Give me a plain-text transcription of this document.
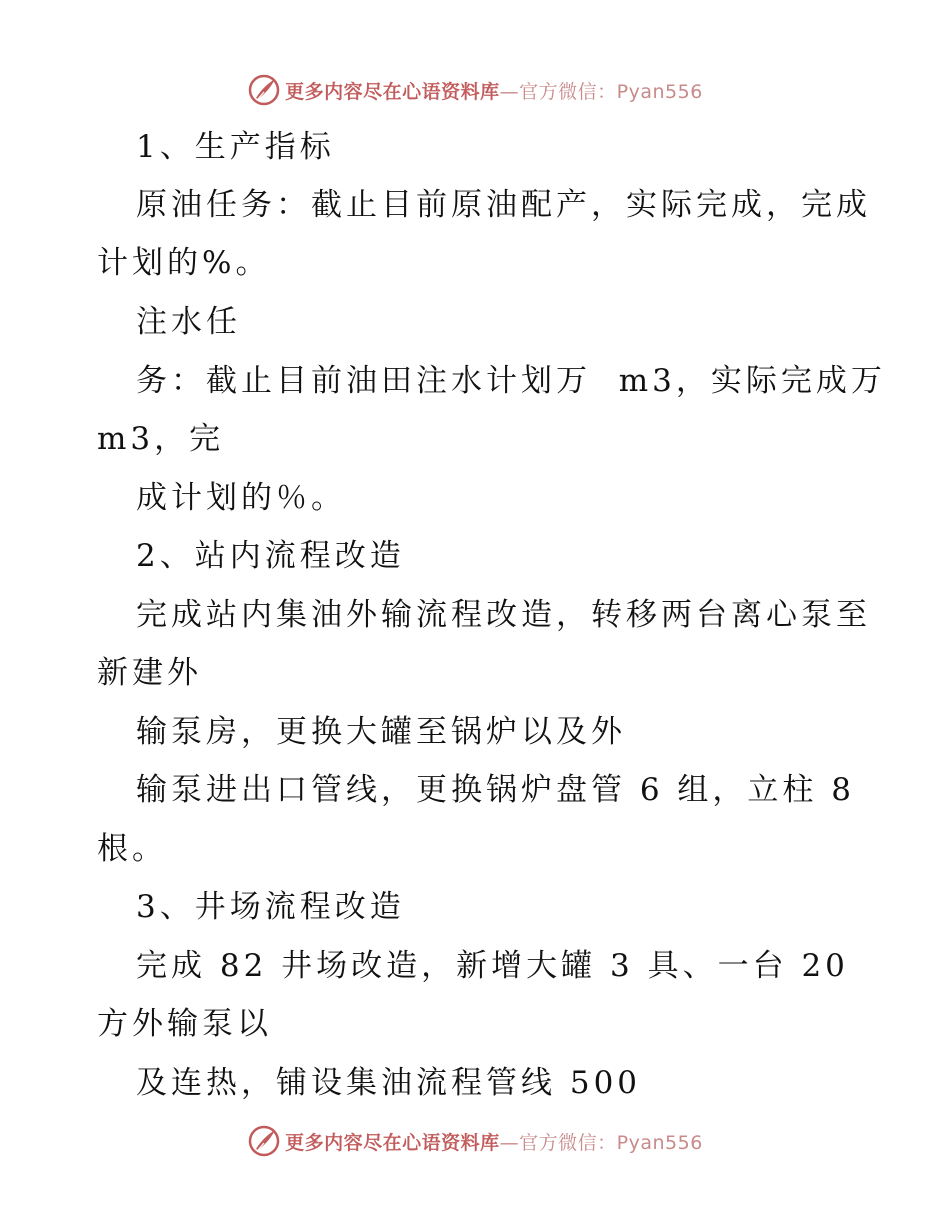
更多内容尽在心语资料库—官方微信：Pyan556
1、生产指标
原油任务：截止目前原油配产，实际完成，完成
计划的%。
注水任
务：截止目前油田注水计划万  m3，实际完成万
m3，完
成计划的％。
2、站内流程改造
完成站内集油外输流程改造，转移两台离心泵至
新建外
输泵房，更换大罐至锅炉以及外
输泵进出口管线，更换锅炉盘管 6 组，立柱 8
根。
3、井场流程改造
完成 82 井场改造，新增大罐 3 具、一台 20
方外输泵以
及连热，铺设集油流程管线 500
更多内容尽在心语资料库—官方微信：Pyan556
